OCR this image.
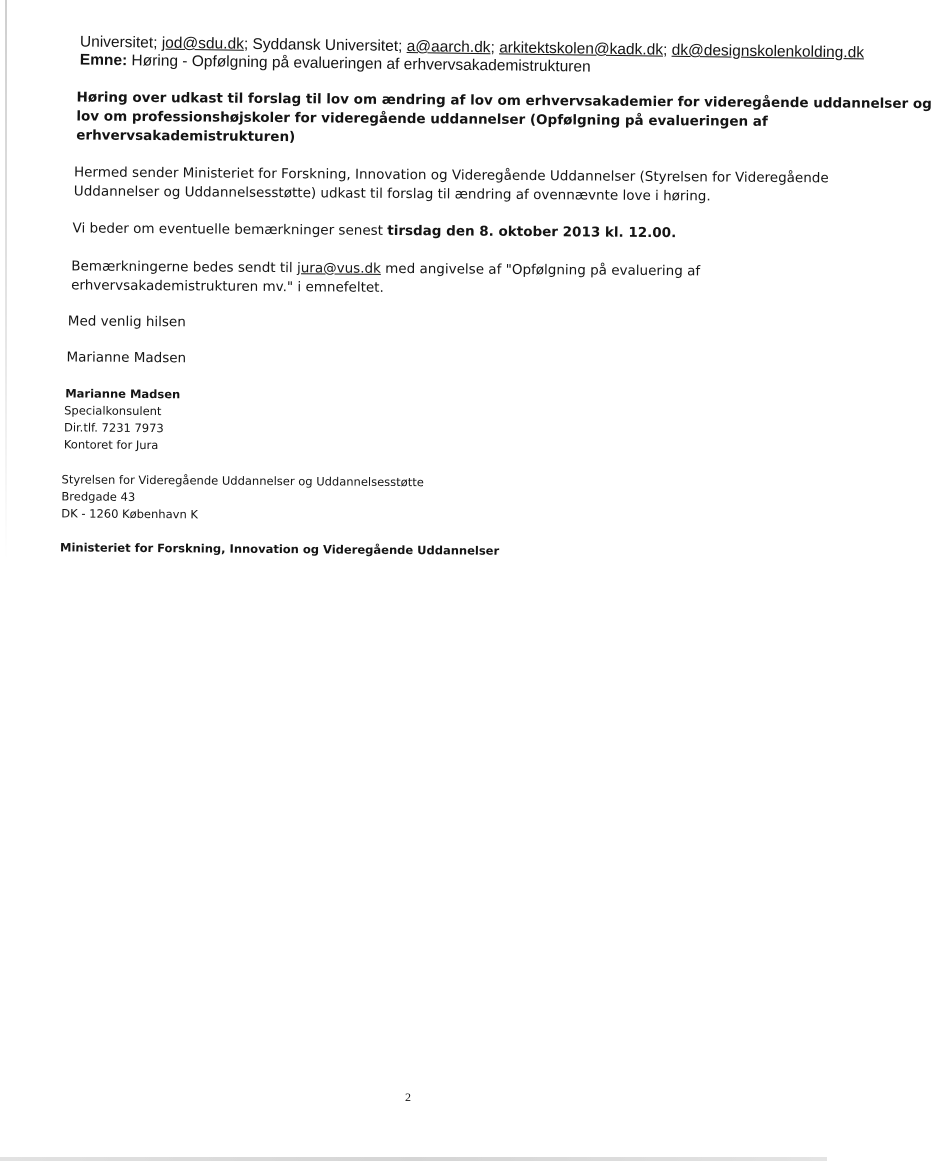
Universitet; jod@sdu.dk; Syddansk Universitet; a@aarch.dk; arkitektskolen@kadk.dk; dk@designskolenkolding.dk
Emne: Høring - Opfølgning på evalueringen af erhvervsakademistrukturen
Høring over udkast til forslag til lov om ændring af lov om erhvervsakademier for videregående uddannelser og
lov om professionshøjskoler for videregående uddannelser (Opfølgning på evalueringen af
erhvervsakademistrukturen)
Hermed sender Ministeriet for Forskning, Innovation og Videregående Uddannelser (Styrelsen for Videregående
Uddannelser og Uddannelsesstøtte) udkast til forslag til ændring af ovennævnte love i høring.
Vi beder om eventuelle bemærkninger senest tirsdag den 8. oktober 2013 kl. 12.00.
Bemærkningerne bedes sendt til jura@vus.dk med angivelse af "Opfølgning på evaluering af
erhvervsakademistrukturen mv." i emnefeltet.
Med venlig hilsen
Marianne Madsen
Marianne Madsen
Specialkonsulent
Dir.tlf. 7231 7973
Kontoret for Jura
Styrelsen for Videregående Uddannelser og Uddannelsesstøtte
Bredgade 43
DK - 1260 København K
Ministeriet for Forskning, Innovation og Videregående Uddannelser
2
